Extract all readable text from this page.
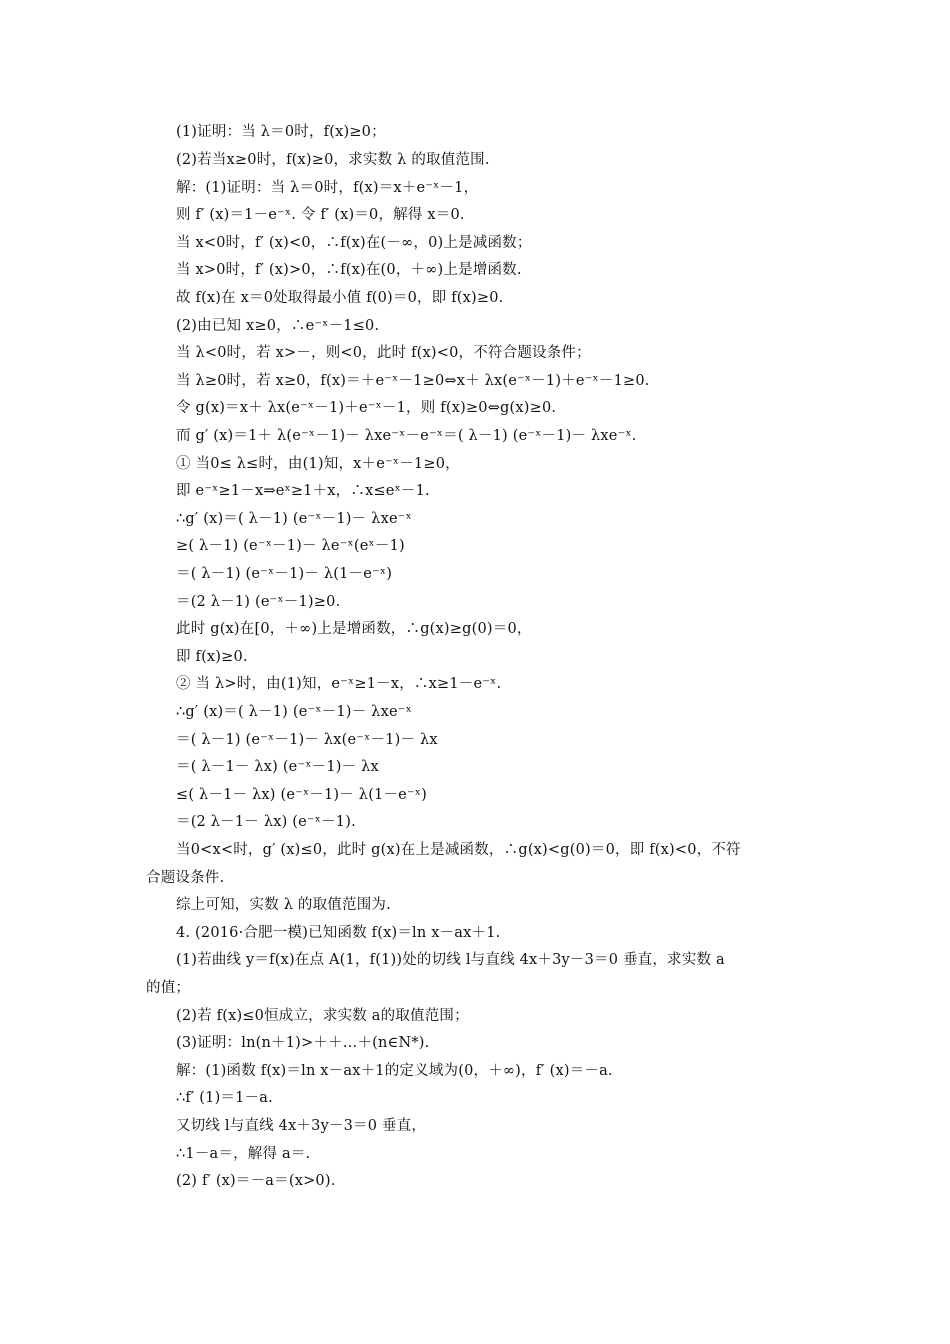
(1)证明：当 λ＝0时，f(x)≥0；
(2)若当x≥0时，f(x)≥0，求实数 λ 的取值范围.
解：(1)证明：当 λ＝0时，f(x)＝x＋e⁻ˣ－1，
则 f′ (x)＝1－e⁻ˣ. 令 f′ (x)＝0，解得 x＝0.
当 x<0时，f′ (x)<0，∴f(x)在(－∞，0)上是减函数；
当 x>0时，f′ (x)>0，∴f(x)在(0，＋∞)上是增函数.
故 f(x)在 x＝0处取得最小值 f(0)＝0，即 f(x)≥0.
(2)由已知 x≥0，∴e⁻ˣ－1≤0.
当 λ<0时，若 x>－，则<0，此时 f(x)<0，不符合题设条件；
当 λ≥0时，若 x≥0，f(x)＝＋e⁻ˣ－1≥0⇔x＋ λx(e⁻ˣ－1)＋e⁻ˣ－1≥0.
令 g(x)＝x＋ λx(e⁻ˣ－1)＋e⁻ˣ－1，则 f(x)≥0⇔g(x)≥0.
而 g′ (x)＝1＋ λ(e⁻ˣ－1)－ λxe⁻ˣ－e⁻ˣ＝( λ－1) (e⁻ˣ－1)－ λxe⁻ˣ.
① 当0≤ λ≤时，由(1)知，x＋e⁻ˣ－1≥0，
即 e⁻ˣ≥1－x⇒eˣ≥1＋x，∴x≤eˣ－1.
∴g′ (x)＝( λ－1) (e⁻ˣ－1)－ λxe⁻ˣ
≥( λ－1) (e⁻ˣ－1)－ λe⁻ˣ(eˣ－1)
＝( λ－1) (e⁻ˣ－1)－ λ(1－e⁻ˣ)
＝(2 λ－1) (e⁻ˣ－1)≥0.
此时 g(x)在[0，＋∞)上是增函数，∴g(x)≥g(0)＝0，
即 f(x)≥0.
② 当 λ>时，由(1)知，e⁻ˣ≥1－x，∴x≥1－e⁻ˣ.
∴g′ (x)＝( λ－1) (e⁻ˣ－1)－ λxe⁻ˣ
＝( λ－1) (e⁻ˣ－1)－ λx(e⁻ˣ－1)－ λx
＝( λ－1－ λx) (e⁻ˣ－1)－ λx
≤( λ－1－ λx) (e⁻ˣ－1)－ λ(1－e⁻ˣ)
＝(2 λ－1－ λx) (e⁻ˣ－1).
当0<x<时，g′ (x)≤0，此时 g(x)在上是减函数，∴g(x)<g(0)＝0，即 f(x)<0，不符
合题设条件.
综上可知，实数 λ 的取值范围为.
4. (2016·合肥一模)已知函数 f(x)＝ln x－ax＋1.
(1)若曲线 y＝f(x)在点 A(1，f(1))处的切线 l与直线 4x＋3y－3＝0 垂直，求实数 a
的值；
(2)若 f(x)≤0恒成立，求实数 a的取值范围；
(3)证明：ln(n＋1)>＋＋…＋(n∈N*).
解：(1)函数 f(x)＝ln x－ax＋1的定义域为(0，＋∞)，f′ (x)＝－a.
∴f′ (1)＝1－a.
又切线 l与直线 4x＋3y－3＝0 垂直，
∴1－a＝，解得 a＝.
(2) f′ (x)＝－a＝(x>0).
